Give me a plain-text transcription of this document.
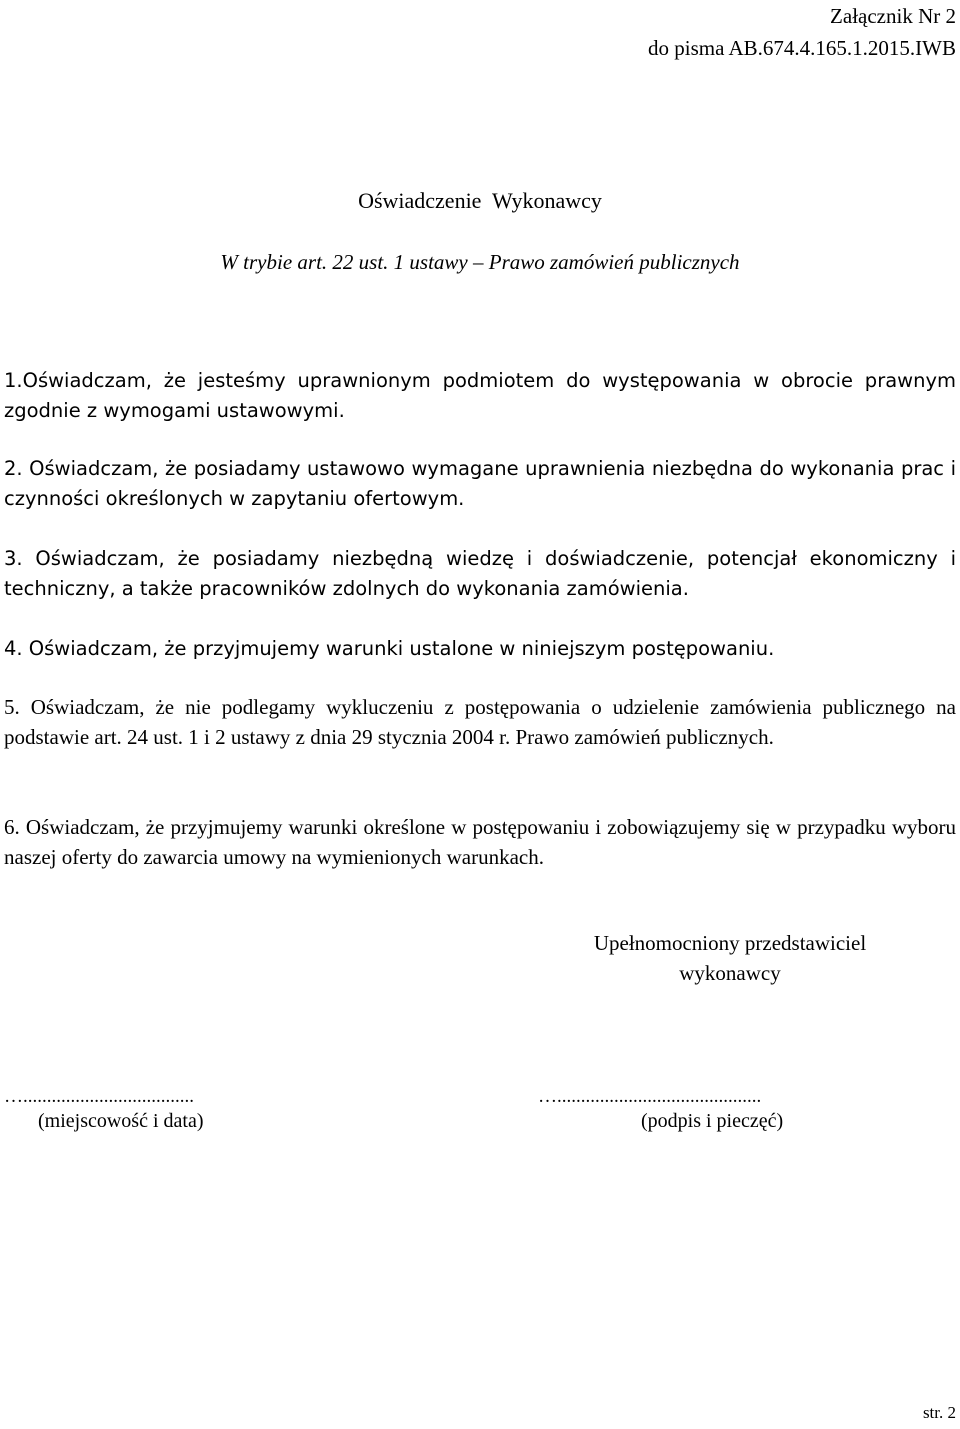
Załącznik Nr 2
do pisma AB.674.4.165.1.2015.IWB
Oświadczenie  Wykonawcy
W trybie art. 22 ust. 1 ustawy – Prawo zamówień publicznych

1.Oświadczam, że jesteśmy uprawnionym podmiotem do występowania w obrocie prawnym zgodnie z wymogami ustawowymi.

2. Oświadczam, że posiadamy ustawowo wymagane uprawnienia niezbędna do wykonania prac i czynności określonych w zapytaniu ofertowym.

3. Oświadczam, że posiadamy niezbędną wiedzę i doświadczenie, potencjał ekonomiczny i techniczny, a także pracowników zdolnych do wykonania zamówienia.

4. Oświadczam, że przyjmujemy warunki ustalone w niniejszym postępowaniu.

5. Oświadczam, że nie podlegamy wykluczeniu z postępowania o udzielenie zamówienia publicznego na podstawie art. 24 ust. 1 i 2 ustawy z dnia 29 stycznia 2004 r. Prawo zamówień publicznych.

6. Oświadczam, że przyjmujemy warunki określone w postępowaniu i zobowiązujemy się w przypadku wyboru naszej oferty do zawarcia umowy na wymienionych warunkach.

Upełnomocniony przedstawiciel
wykonawcy
…....................................
(miejscowość i data)
…...........................................
(podpis i pieczęć)
str. 2
